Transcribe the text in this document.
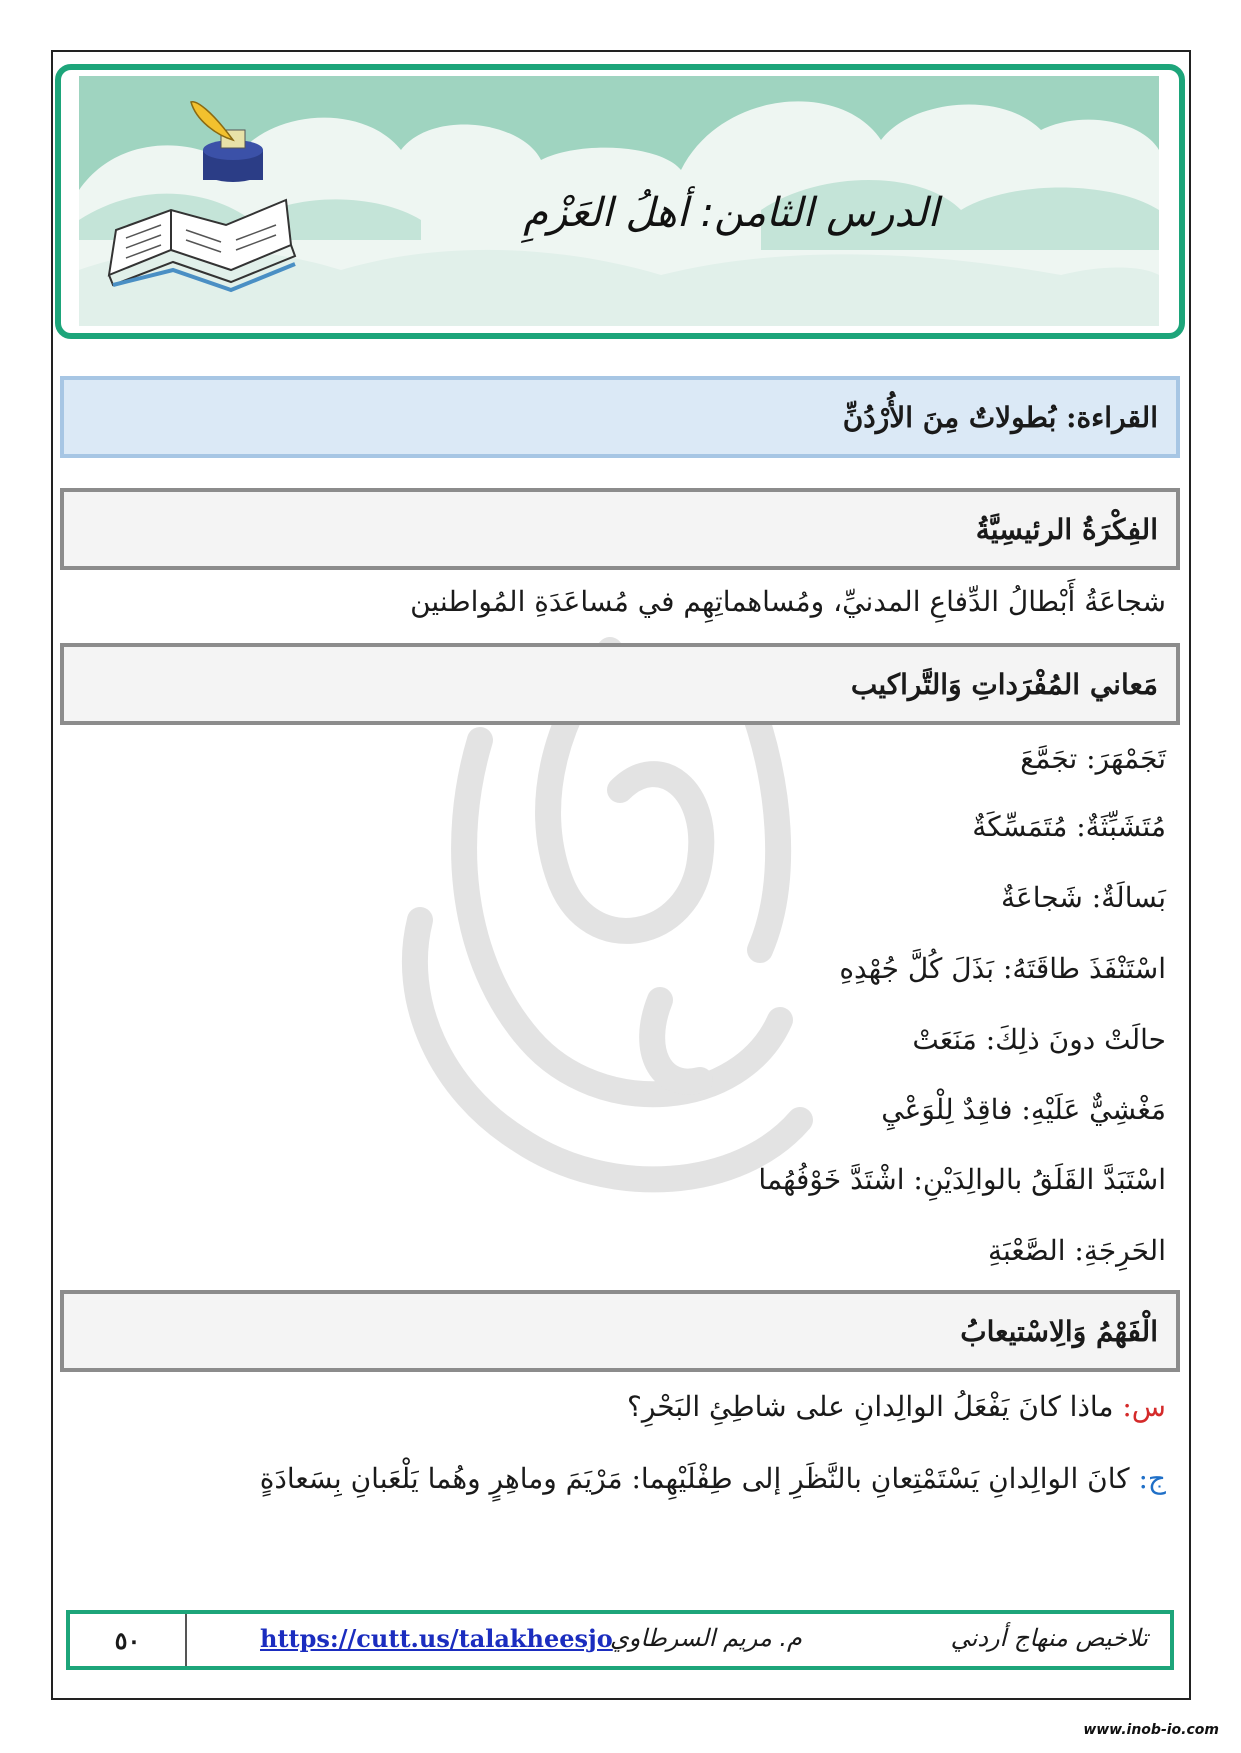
الدرس الثامن: أهلُ العَزْمِ
القراءة: بُطولاتٌ مِنَ الأُرْدُنِّ
الفِكْرَةُ الرئيسِيَّةُ
شجاعَةُ أَبْطالُ الدِّفاعِ المدنيِّ، ومُساهماتِهِم في مُساعَدَةِ المُواطنين
مَعاني المُفْرَداتِ وَالتَّراكيب
تَجَمْهَرَ: تجَمَّعَ
مُتَشَبِّثَةٌ: مُتَمَسِّكَةٌ
بَسالَةٌ: شَجاعَةٌ
اسْتَنْفَذَ طاقَتَهُ: بَذَلَ كُلَّ جُهْدِهِ
حالَتْ دونَ ذلِكَ: مَنَعَتْ
مَغْشِيٌّ عَلَيْهِ: فاقِدٌ لِلْوَعْيِ
اسْتَبَدَّ القَلَقُ بالوالِدَيْنِ: اشْتَدَّ خَوْفُهُما
الحَرِجَةِ: الصَّعْبَةِ
الْفَهْمُ وَالِاسْتيعابُ
س: ماذا كانَ يَفْعَلُ الوالِدانِ على شاطِئِ البَحْرِ؟
ج: كانَ الوالِدانِ يَسْتَمْتِعانِ بالنَّظَرِ إلى طِفْلَيْهِما: مَرْيَمَ وماهِرٍ وهُما يَلْعَبانِ بِسَعادَةٍ
٥٠	https://cutt.us/talakheesjo
م. مريم السرطاوي	تلاخيص منهاج أردني
www.inob-io.com
